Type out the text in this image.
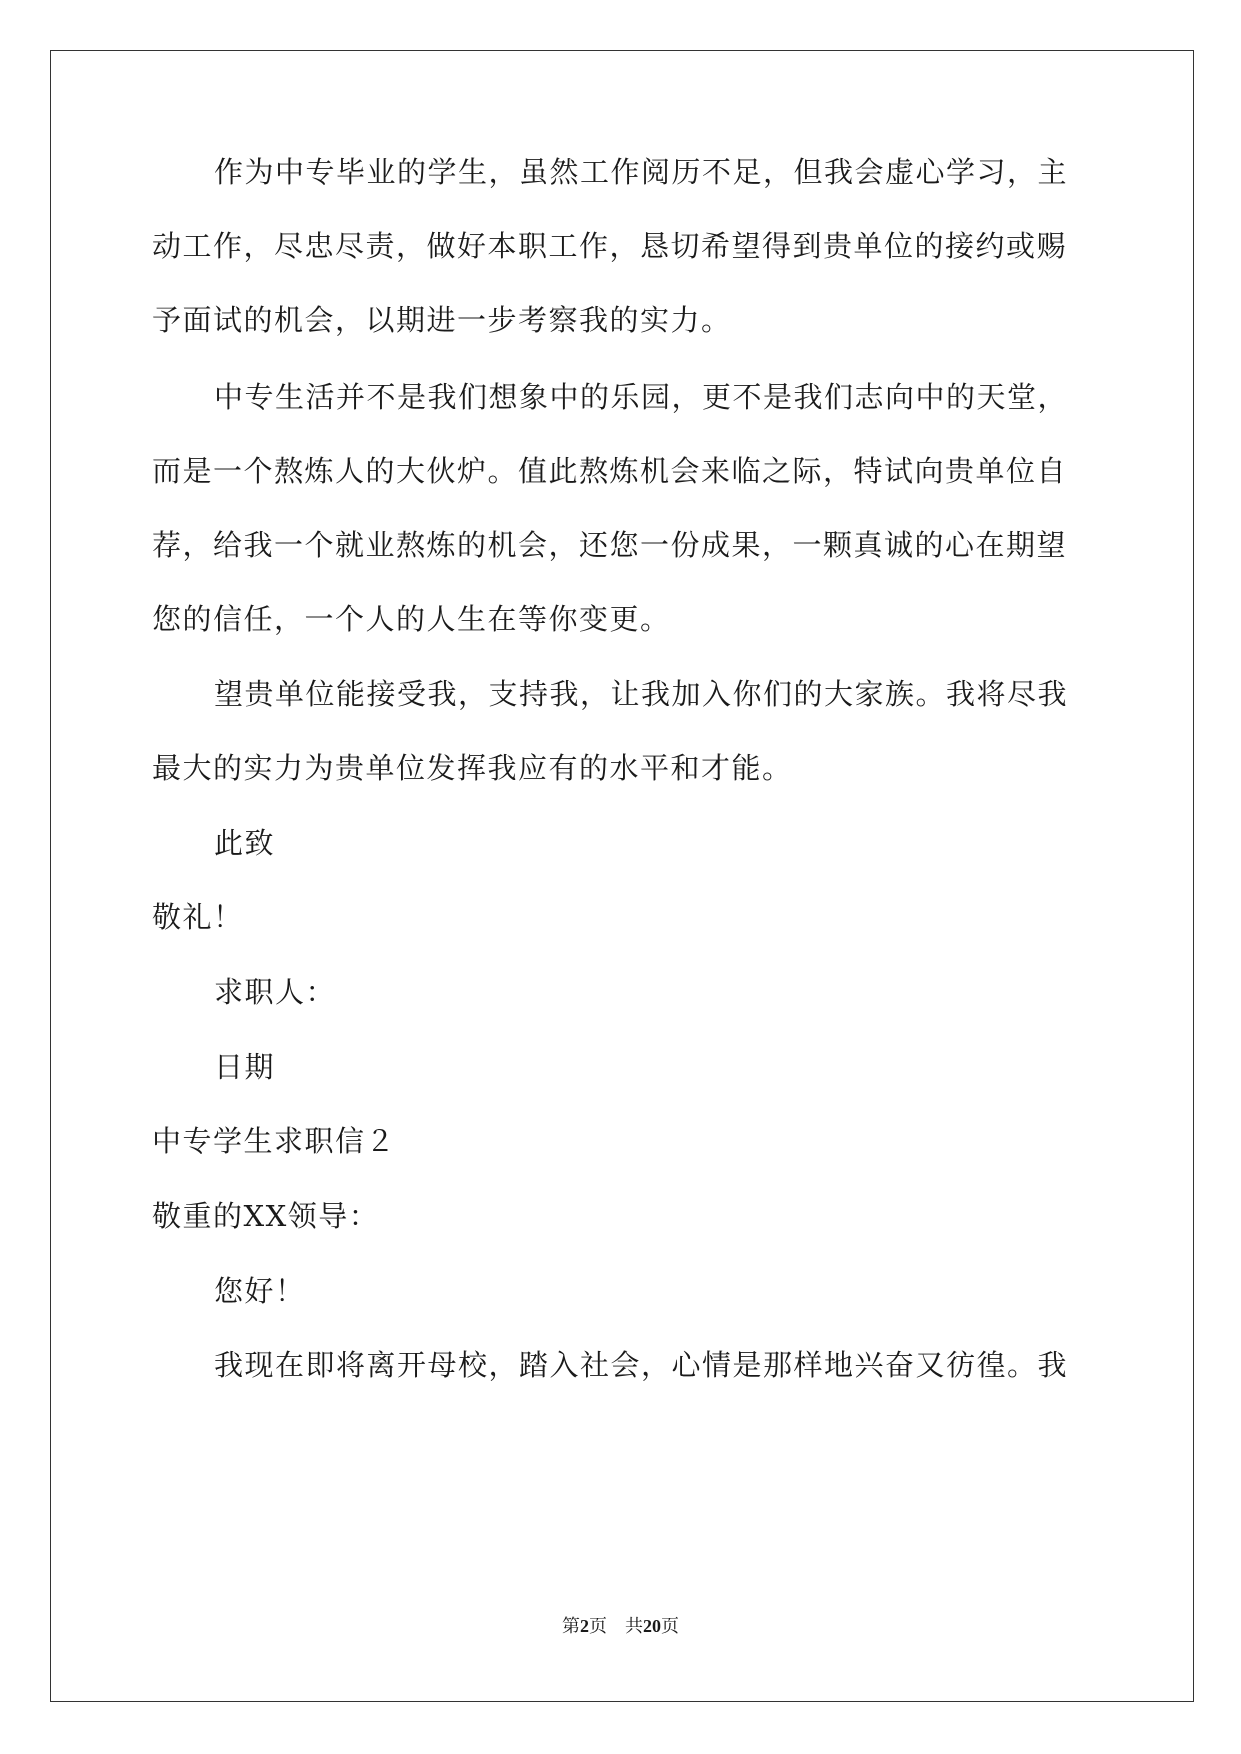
作为中专毕业的学生，虽然工作阅历不足，但我会虚心学习，主
动工作，尽忠尽责，做好本职工作，恳切希望得到贵单位的接约或赐
予面试的机会，以期进一步考察我的实力。
中专生活并不是我们想象中的乐园，更不是我们志向中的天堂，
而是一个熬炼人的大伙炉。值此熬炼机会来临之际，特试向贵单位自
荐，给我一个就业熬炼的机会，还您一份成果，一颗真诚的心在期望
您的信任，一个人的人生在等你变更。
望贵单位能接受我，支持我，让我加入你们的大家族。我将尽我
最大的实力为贵单位发挥我应有的水平和才能。
此致
敬礼！
求职人：
日期
中专学生求职信２
敬重的XX领导：
您好！
我现在即将离开母校，踏入社会，心情是那样地兴奋又彷徨。我
第2页 共20页
